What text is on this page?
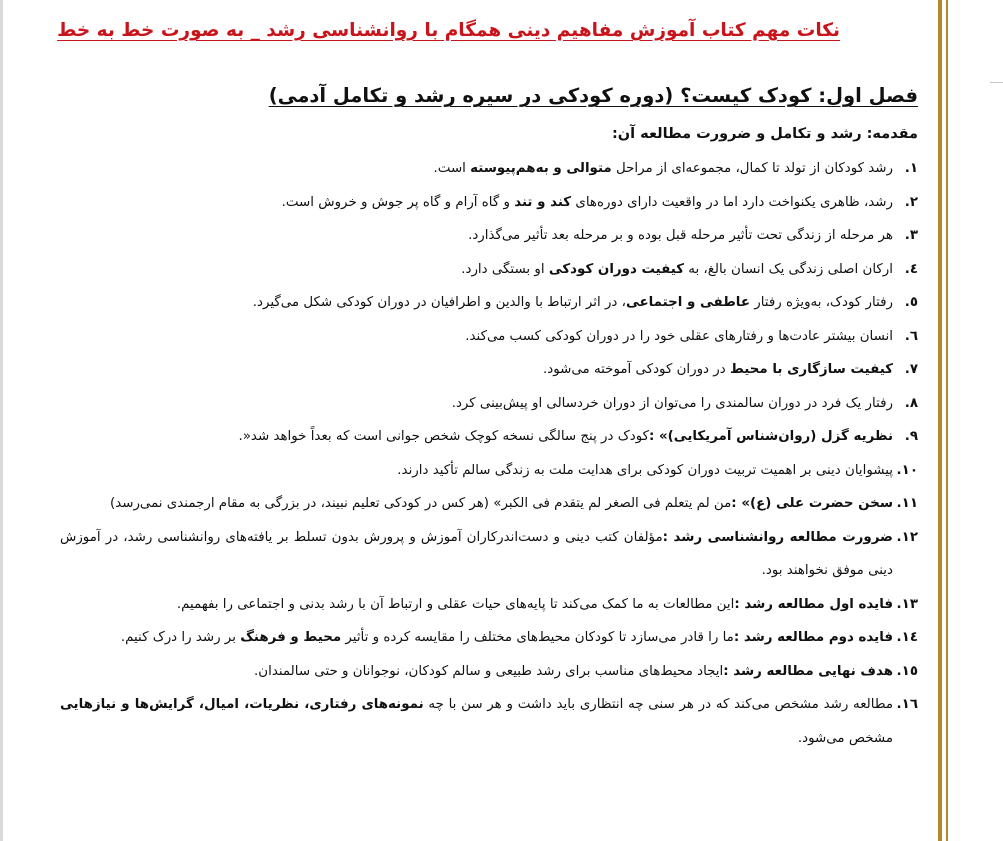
نکات مهم کتاب آموزش مفاهیم دینی همگام با روانشناسی رشد _ به صورت خط به خط
فصل اول: کودک کیست؟ (دوره کودکی در سیره رشد و تکامل آدمی)
مقدمه: رشد و تکامل و ضرورت مطالعه آن:
١.
رشد کودکان از تولد تا کمال، مجموعه‌ای از مراحل متوالی و به‌هم‌پیوسته است.
٢.
رشد، ظاهری یکنواخت دارد اما در واقعیت دارای دوره‌های کند و تند و گاه آرام و گاه پر جوش و خروش است.
٣.
هر مرحله از زندگی تحت تأثیر مرحله قبل بوده و بر مرحله بعد تأثیر می‌گذارد.
٤.
ارکان اصلی زندگی یک انسان بالغ، به کیفیت دوران کودکی او بستگی دارد.
٥.
رفتار کودک، به‌ویژه رفتار عاطفی و اجتماعی، در اثر ارتباط با والدین و اطرافیان در دوران کودکی شکل می‌گیرد.
٦.
انسان بیشتر عادت‌ها و رفتارهای عقلی خود را در دوران کودکی کسب می‌کند.
٧.
کیفیت سازگاری با محیط در دوران کودکی آموخته می‌شود.
٨.
رفتار یک فرد در دوران سالمندی را می‌توان از دوران خردسالی او پیش‌بینی کرد.
٩.
نظریه گزل (روان‌شناس آمریکایی)» :کودک در پنج سالگی نسخه کوچک شخص جوانی است که بعداً خواهد شد«.
١٠.
پیشوایان دینی بر اهمیت تربیت دوران کودکی برای هدایت ملت به زندگی سالم تأکید دارند.
١١.
سخن حضرت علی (ع)» :من لم یتعلم فی الصغر لم یتقدم فی الکبر» (هر کس در کودکی تعلیم نبیند، در بزرگی به مقام ارجمندی نمی‌رسد)
١٢.
ضرورت مطالعه روانشناسی رشد :مؤلفان کتب دینی و دست‌اندرکاران آموزش و پرورش بدون تسلط بر یافته‌های روانشناسی رشد، در آموزش دینی موفق نخواهند بود.
١٣.
فایده اول مطالعه رشد :این مطالعات به ما کمک می‌کند تا پایه‌های حیات عقلی و ارتباط آن با رشد بدنی و اجتماعی را بفهمیم.
١٤.
فایده دوم مطالعه رشد :ما را قادر می‌سازد تا کودکان محیط‌های مختلف را مقایسه کرده و تأثیر محیط و فرهنگ بر رشد را درک کنیم.
١٥.
هدف نهایی مطالعه رشد :ایجاد محیط‌های مناسب برای رشد طبیعی و سالم کودکان، نوجوانان و حتی سالمندان.
١٦.
مطالعه رشد مشخص می‌کند که در هر سنی چه انتظاری باید داشت و هر سن با چه نمونه‌های رفتاری، نظریات، امیال، گرایش‌ها و نیازهایی مشخص می‌شود.
